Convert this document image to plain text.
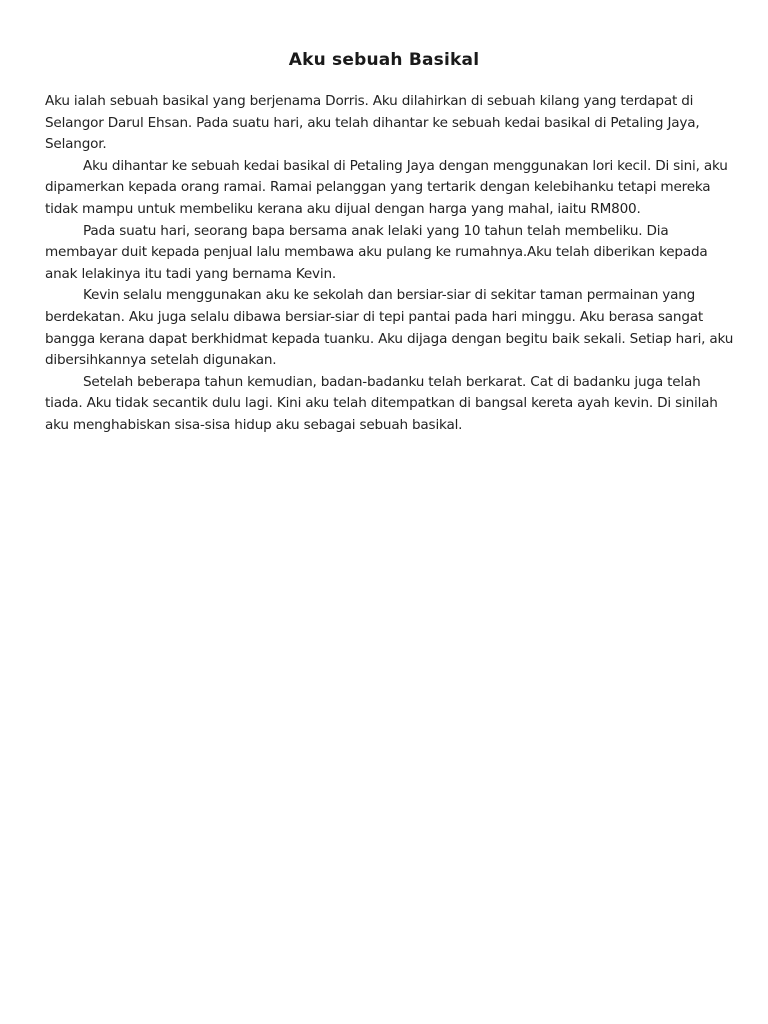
Aku sebuah Basikal

Aku ialah sebuah basikal yang berjenama Dorris. Aku dilahirkan di sebuah kilang yang terdapat di Selangor Darul Ehsan. Pada suatu hari, aku telah dihantar ke sebuah kedai basikal di Petaling Jaya, Selangor.

Aku dihantar ke sebuah kedai basikal di Petaling Jaya dengan menggunakan lori kecil. Di sini, aku dipamerkan kepada orang ramai. Ramai pelanggan yang tertarik dengan kelebihanku tetapi mereka tidak mampu untuk membeliku kerana aku dijual dengan harga yang mahal, iaitu RM800.

Pada suatu hari, seorang bapa bersama anak lelaki yang 10 tahun telah membeliku. Dia membayar duit kepada penjual lalu membawa aku pulang ke rumahnya.Aku telah diberikan kepada anak lelakinya itu tadi yang bernama Kevin.

Kevin selalu menggunakan aku ke sekolah dan bersiar-siar di sekitar taman permainan yang berdekatan. Aku juga selalu dibawa bersiar-siar di tepi pantai pada hari minggu. Aku berasa sangat bangga kerana dapat berkhidmat kepada tuanku. Aku dijaga dengan begitu baik sekali. Setiap hari, aku dibersihkannya setelah digunakan.

Setelah beberapa tahun kemudian, badan-badanku telah berkarat. Cat di badanku juga telah tiada. Aku tidak secantik dulu lagi. Kini aku telah ditempatkan di bangsal kereta ayah kevin. Di sinilah aku menghabiskan sisa-sisa hidup aku sebagai sebuah basikal.
